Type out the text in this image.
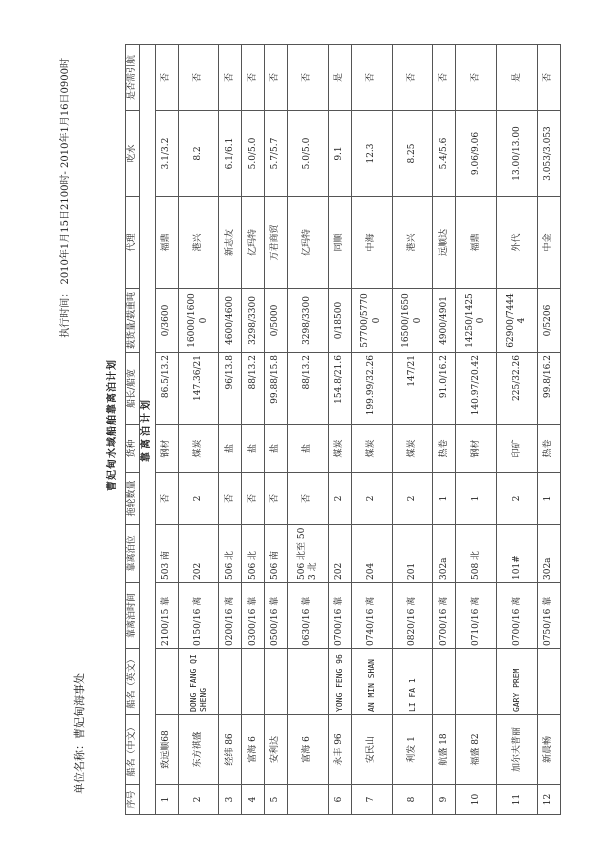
执行时间： 2010年1月15日2100时- 2010年1月16日0900时
单位名称：曹妃甸海事处
曹妃甸水域船舶靠离泊计划
序号	船名（中文）	船名（英文）	靠离泊时间	靠离泊位	拖轮数量	货种	船长/船宽	载货量/载重吨	代理	吃水	是否需引航
靠离泊计划											
1	致远顺68		2100/15 靠	503 南	否	钢材	86.5/13.2	0/3600	福鼎	3.1/3.2	否
2	东方祺盛	DONG FANG QI SHENG	0150/16 离	202	2	煤炭	147.36/21	16000/16000	港兴	8.2	否
3	经纬 86		0200/16 离	506 北	否	盐	96/13.8	4600/4600	新志友	6.1/6.1	否
4	富海 6		0300/16 靠	506 北	否	盐	88/13.2	3298/3300	亿玛特	5.0/5.0	否
5	安利达		0500/16 靠	506 南	否	盐	99.88/15.8	0/5000	万君商贸	5.7/5.7	否
	富海 6		0630/16 靠	506 北至 503 北	否	盐	88/13.2	3298/3300	亿玛特	5.0/5.0	否
6	永丰 96	YONG FENG 96	0700/16 靠	202	2	煤炭	154.8/21.6	0/18500	同顺	9.1	是
7	安民山	AN MIN SHAN	0740/16 离	204	2	煤炭	199.99/32.26	57700/57700	中海	12.3	否
8	利发 1	LI FA 1	0820/16 离	201	2	煤炭	147/21	16500/16500	港兴	8.25	否
9	航盛 18		0700/16 离	302a	1	热卷	91.0/16.2	4900/4901	远顺达	5.4/5.6	否
10	福盛 82		0710/16 离	508 北	1	钢材	140.97/20.42	14250/14250	福鼎	9.06/9.06	否
11	加尔夫普丽	GARY PREM	0700/16 离	101#	2	印矿	225/32.26	62900/74444	外代	13.00/13.00	是
12	新晨畅		0750/16 靠	302a	1	热卷	99.8/16.2	0/5206	中金	3.053/3.053	否
